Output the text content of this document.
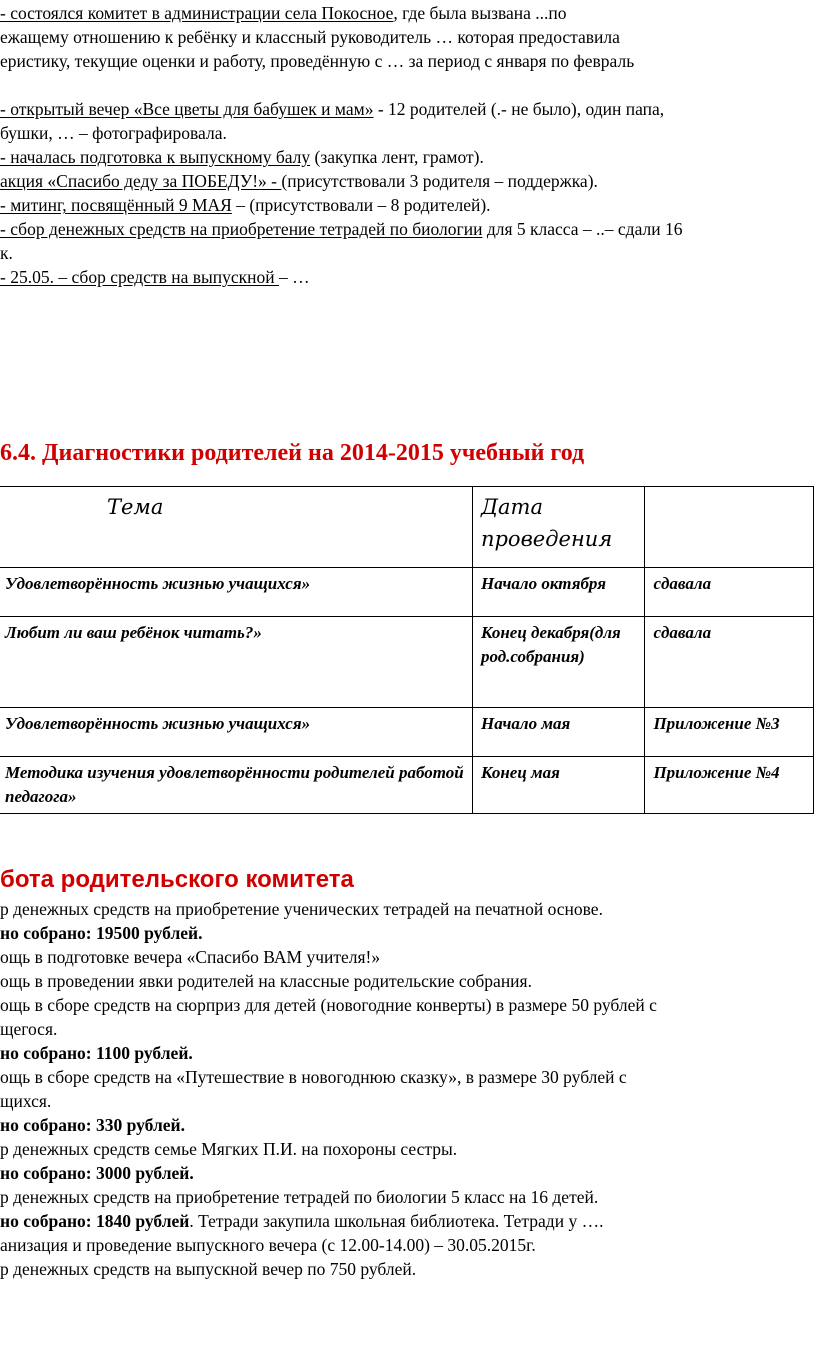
- состоялся комитет в администрации села Покосное, где была вызвана ...по
ежащему отношению к ребёнку и классный руководитель … которая предоставила
еристику, текущие оценки и работу, проведённую с … за период с января по февраль
- открытый вечер «Все цветы для бабушек и мам» - 12 родителей (.- не было), один папа,
бушки, … – фотографировала.
- началась подготовка к выпускному балу (закупка лент, грамот).
акция «Спасибо деду за ПОБЕДУ!» - (присутствовали 3 родителя – поддержка).
- митинг, посвящённый 9 МАЯ – (присутствовали – 8 родителей).
- сбор денежных средств на приобретение тетрадей по биологии для 5 класса – ..– сдали 16
к.
- 25.05. – сбор средств на выпускной – …
6.4. Диагностики родителей на 2014-2015 учебный год
Тема	Дата проведения	
Удовлетворённость жизнью учащихся»	Начало октября	сдавала
Любит ли ваш ребёнок читать?»	Конец декабря(для род.собрания)	сдавала
Удовлетворённость жизнью учащихся»	Начало мая	Приложение №3
Методика изучения удовлетворённости родителей работой педагога»	Конец мая	Приложение №4
бота родительского комитета
р денежных средств на приобретение ученических тетрадей на печатной основе.
но собрано: 19500 рублей.
ощь в подготовке вечера «Спасибо ВАМ учителя!»
ощь в проведении явки родителей на классные родительские собрания.
ощь в сборе средств на сюрприз для детей (новогодние конверты) в размере 50 рублей с
щегося.
но собрано: 1100 рублей.
ощь в сборе средств на «Путешествие в новогоднюю сказку», в размере 30 рублей с
щихся.
но собрано: 330 рублей.
р денежных средств семье Мягких П.И. на похороны сестры.
но собрано: 3000 рублей.
р денежных средств на приобретение тетрадей по биологии 5 класс на 16 детей.
но собрано: 1840 рублей. Тетради закупила школьная библиотека. Тетради у ….
анизация и проведение выпускного вечера (с 12.00-14.00) – 30.05.2015г.
р денежных средств на выпускной вечер по 750 рублей.
